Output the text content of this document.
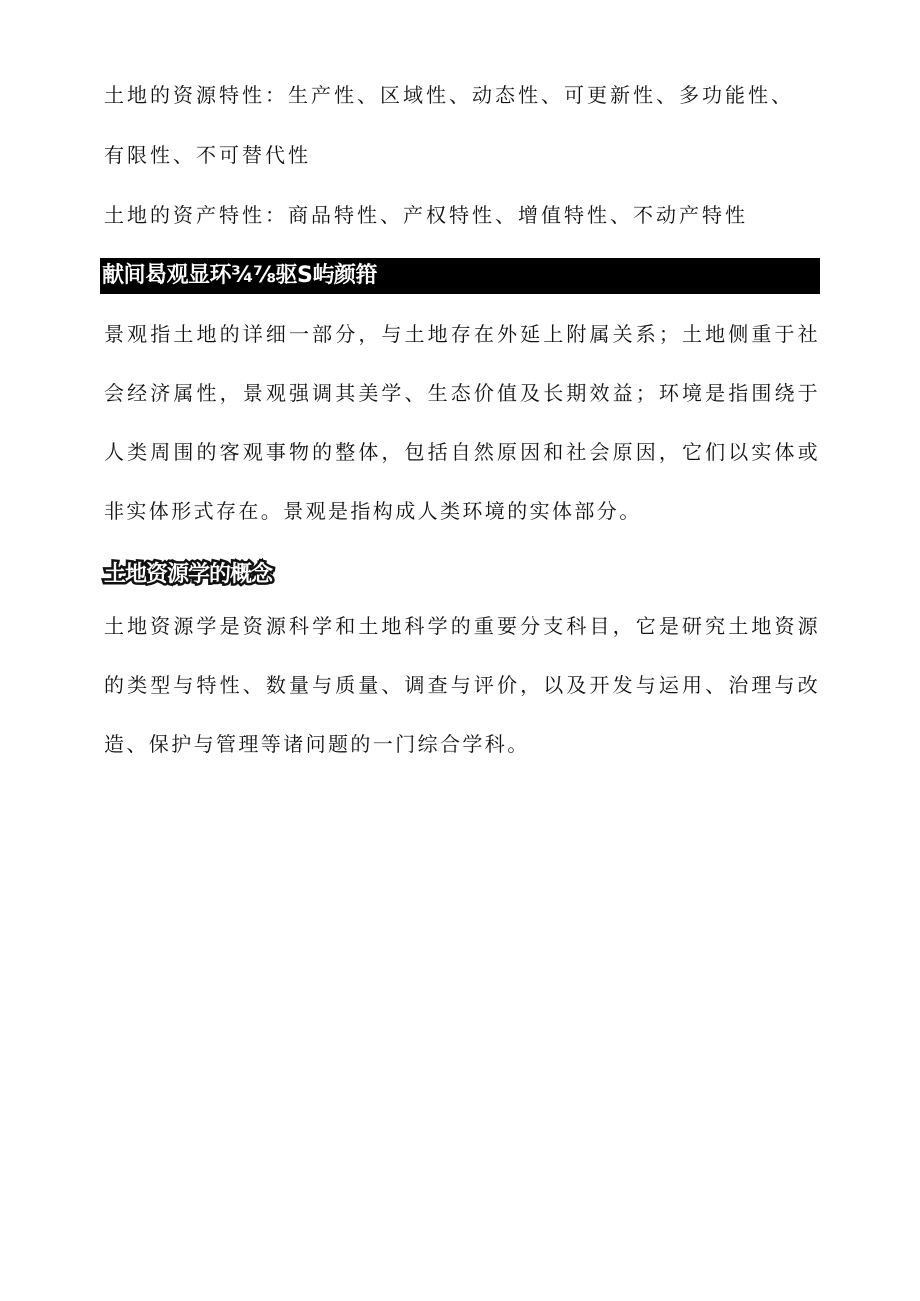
土地的资源特性：生产性、区域性、动态性、可更新性、多功能性、
有限性、不可替代性
土地的资产特性：商品特性、产权特性、增值特性、不动产特性
献间曷观显环¾⅞驱S屿颜箝
景观指土地的详细一部分，与土地存在外延上附属关系；土地侧重于社会经济属性，景观强调其美学、生态价值及长期效益；环境是指围绕于人类周围的客观事物的整体，包括自然原因和社会原因，它们以实体或非实体形式存在。景观是指构成人类环境的实体部分。
土地资源学的概念
土地资源学是资源科学和土地科学的重要分支科目，它是研究土地资源的类型与特性、数量与质量、调查与评价，以及开发与运用、治理与改造、保护与管理等诸问题的一门综合学科。
